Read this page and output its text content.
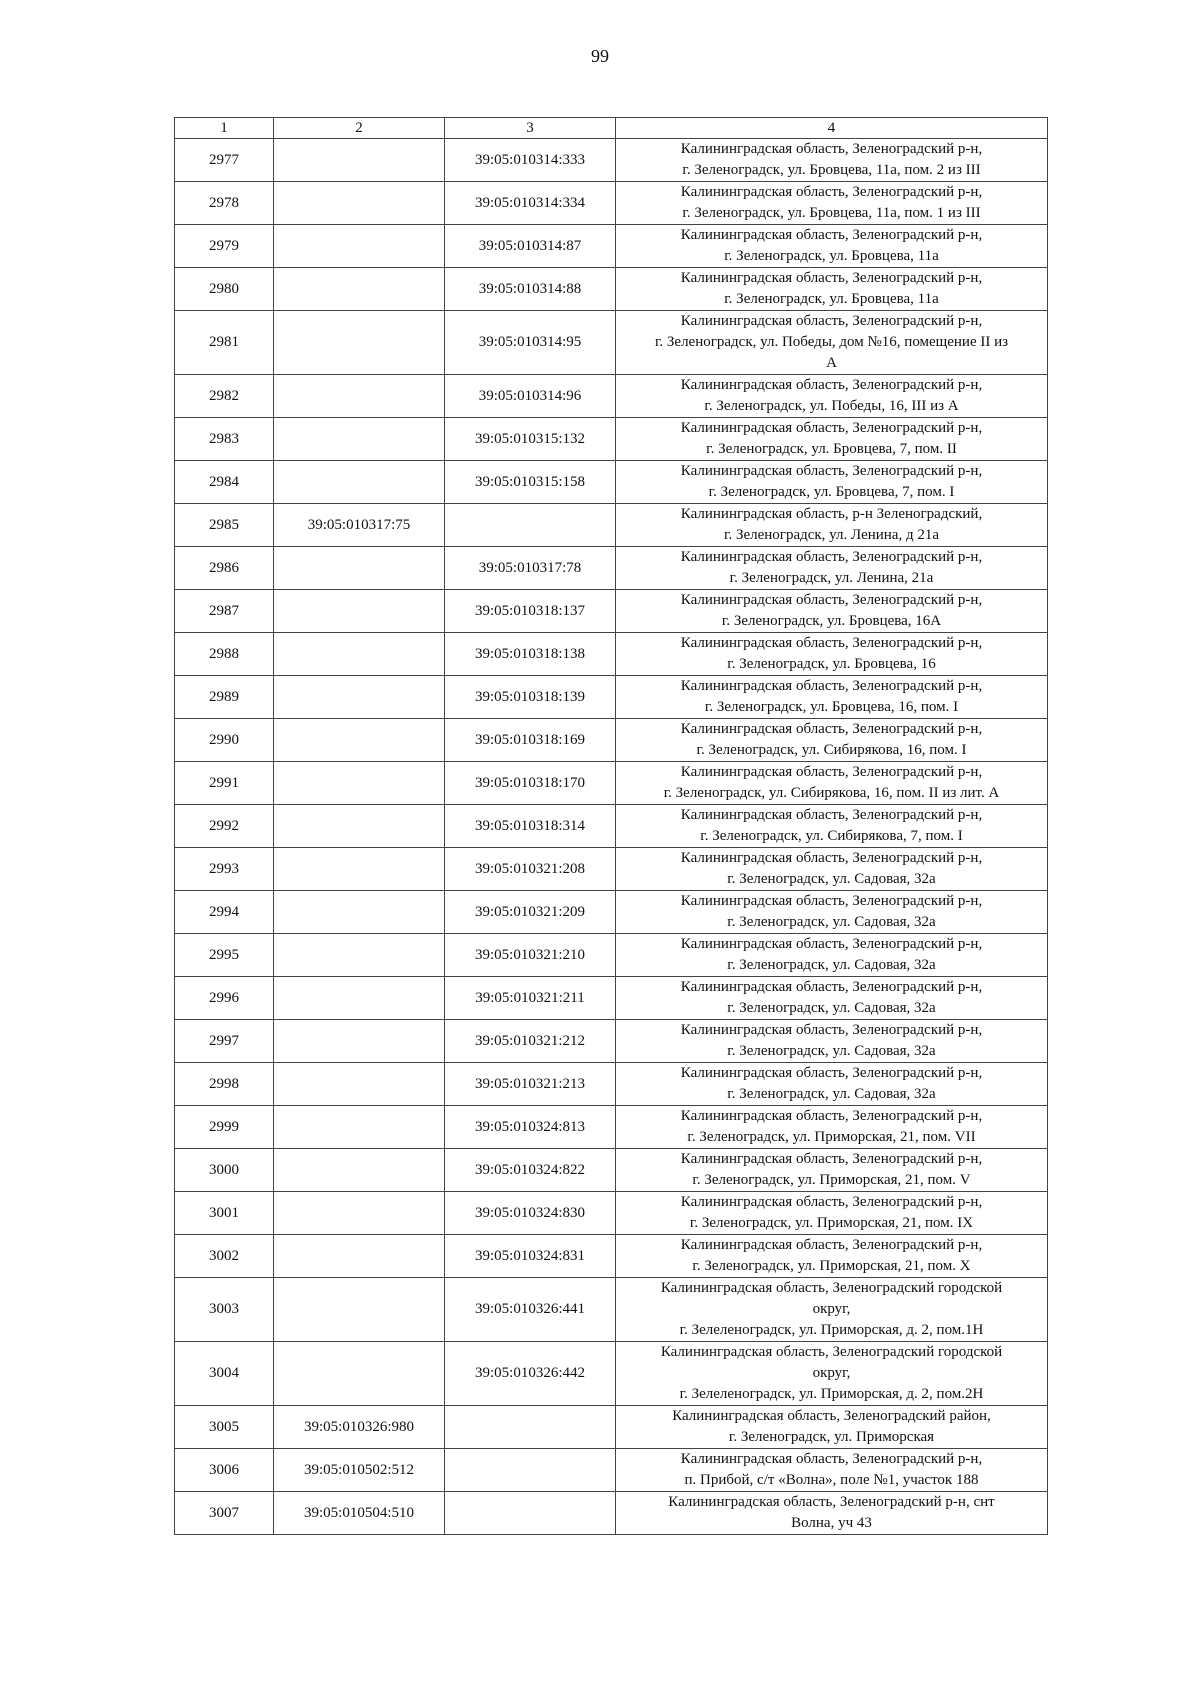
99
1	2	3	4
2977		39:05:010314:333	Калининградская область, Зеленоградский р-н,
г. Зеленоградск, ул. Бровцева, 11а, пом. 2 из III
2978		39:05:010314:334	Калининградская область, Зеленоградский р-н,
г. Зеленоградск, ул. Бровцева, 11а, пом. 1 из III
2979		39:05:010314:87	Калининградская область, Зеленоградский р-н,
г. Зеленоградск, ул. Бровцева, 11а
2980		39:05:010314:88	Калининградская область, Зеленоградский р-н,
г. Зеленоградск, ул. Бровцева, 11а
2981		39:05:010314:95	Калининградская область, Зеленоградский р-н,
г. Зеленоградск, ул. Победы, дом №16, помещение II из
А
2982		39:05:010314:96	Калининградская область, Зеленоградский р-н,
г. Зеленоградск, ул. Победы, 16, III из А
2983		39:05:010315:132	Калининградская область, Зеленоградский р-н,
г. Зеленоградск, ул. Бровцева, 7, пом. II
2984		39:05:010315:158	Калининградская область, Зеленоградский р-н,
г. Зеленоградск, ул. Бровцева, 7, пом. I
2985	39:05:010317:75		Калининградская область, р-н Зеленоградский,
г. Зеленоградск, ул. Ленина, д 21а
2986		39:05:010317:78	Калининградская область, Зеленоградский р-н,
г. Зеленоградск, ул. Ленина, 21а
2987		39:05:010318:137	Калининградская область, Зеленоградский р-н,
г. Зеленоградск, ул. Бровцева, 16А
2988		39:05:010318:138	Калининградская область, Зеленоградский р-н,
г. Зеленоградск, ул. Бровцева, 16
2989		39:05:010318:139	Калининградская область, Зеленоградский р-н,
г. Зеленоградск, ул. Бровцева, 16, пом. I
2990		39:05:010318:169	Калининградская область, Зеленоградский р-н,
г. Зеленоградск, ул. Сибирякова, 16, пом. I
2991		39:05:010318:170	Калининградская область, Зеленоградский р-н,
г. Зеленоградск, ул. Сибирякова, 16, пом. II из лит. А
2992		39:05:010318:314	Калининградская область, Зеленоградский р-н,
г. Зеленоградск, ул. Сибирякова, 7, пом. I
2993		39:05:010321:208	Калининградская область, Зеленоградский р-н,
г. Зеленоградск, ул. Садовая, 32а
2994		39:05:010321:209	Калининградская область, Зеленоградский р-н,
г. Зеленоградск, ул. Садовая, 32а
2995		39:05:010321:210	Калининградская область, Зеленоградский р-н,
г. Зеленоградск, ул. Садовая, 32а
2996		39:05:010321:211	Калининградская область, Зеленоградский р-н,
г. Зеленоградск, ул. Садовая, 32а
2997		39:05:010321:212	Калининградская область, Зеленоградский р-н,
г. Зеленоградск, ул. Садовая, 32а
2998		39:05:010321:213	Калининградская область, Зеленоградский р-н,
г. Зеленоградск, ул. Садовая, 32а
2999		39:05:010324:813	Калининградская область, Зеленоградский р-н,
г. Зеленоградск, ул. Приморская, 21, пом. VII
3000		39:05:010324:822	Калининградская область, Зеленоградский р-н,
г. Зеленоградск, ул. Приморская, 21, пом. V
3001		39:05:010324:830	Калининградская область, Зеленоградский р-н,
г. Зеленоградск, ул. Приморская, 21, пом. IX
3002		39:05:010324:831	Калининградская область, Зеленоградский р-н,
г. Зеленоградск, ул. Приморская, 21, пом. X
3003		39:05:010326:441	Калининградская область, Зеленоградский городской
округ,
г. Зелеленоградск, ул. Приморская, д. 2, пом.1Н
3004		39:05:010326:442	Калининградская область, Зеленоградский городской
округ,
г. Зелеленоградск, ул. Приморская, д. 2, пом.2Н
3005	39:05:010326:980		Калининградская область, Зеленоградский район,
г. Зеленоградск, ул. Приморская
3006	39:05:010502:512		Калининградская область, Зеленоградский р-н,
п. Прибой, с/т «Волна», поле №1, участок 188
3007	39:05:010504:510		Калининградская область, Зеленоградский р-н, снт
Волна, уч 43
